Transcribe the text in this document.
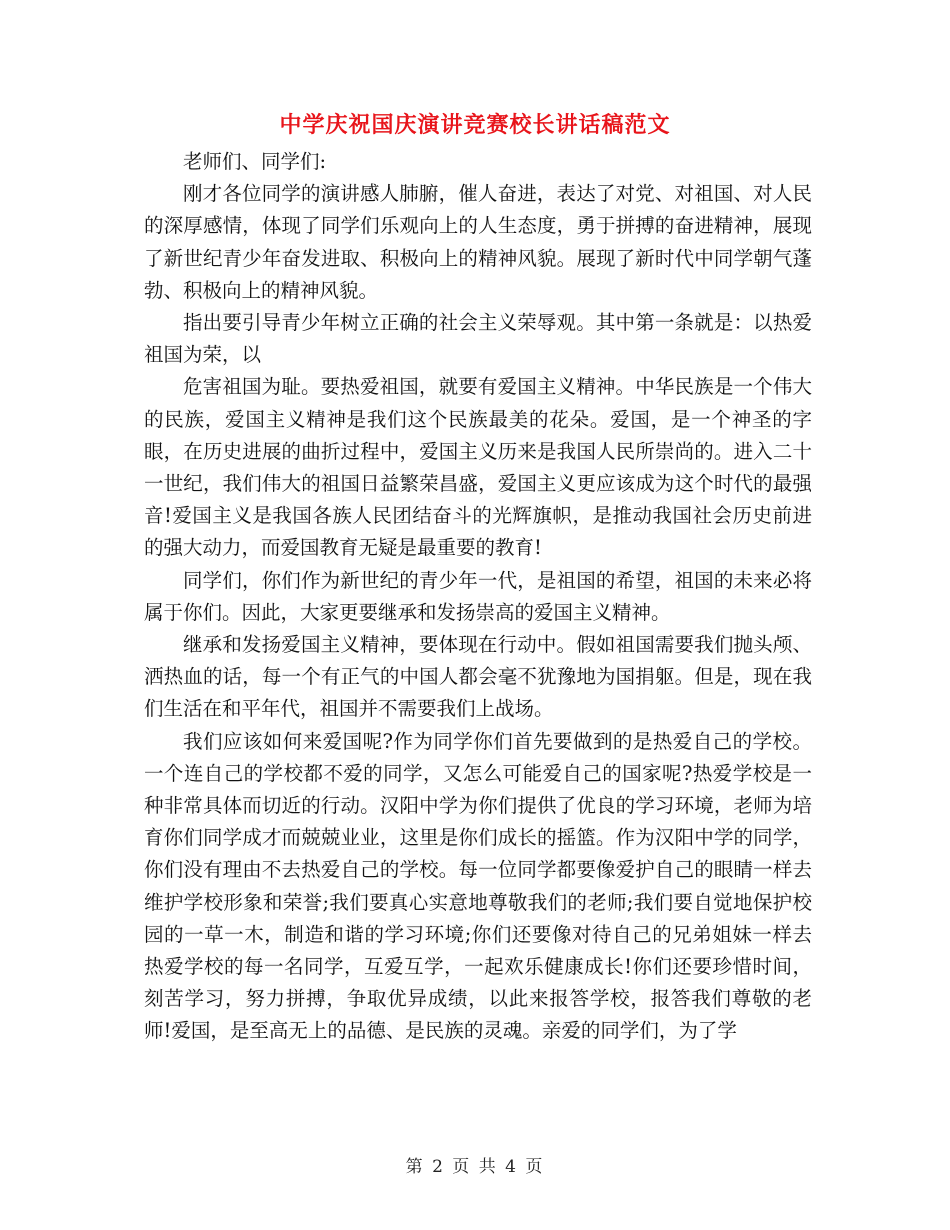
中学庆祝国庆演讲竞赛校长讲话稿范文

老师们、同学们:

刚才各位同学的演讲感人肺腑，催人奋进，表达了对党、对祖国、对人民的深厚感情，体现了同学们乐观向上的人生态度，勇于拼搏的奋进精神，展现了新世纪青少年奋发进取、积极向上的精神风貌。展现了新时代中同学朝气蓬勃、积极向上的精神风貌。

指出要引导青少年树立正确的社会主义荣辱观。其中第一条就是：以热爱祖国为荣，以

危害祖国为耻。要热爱祖国，就要有爱国主义精神。中华民族是一个伟大的民族，爱国主义精神是我们这个民族最美的花朵。爱国，是一个神圣的字眼，在历史进展的曲折过程中，爱国主义历来是我国人民所崇尚的。进入二十一世纪，我们伟大的祖国日益繁荣昌盛，爱国主义更应该成为这个时代的最强音!爱国主义是我国各族人民团结奋斗的光辉旗帜，是推动我国社会历史前进的强大动力，而爱国教育无疑是最重要的教育!

同学们，你们作为新世纪的青少年一代，是祖国的希望，祖国的未来必将属于你们。因此，大家更要继承和发扬崇高的爱国主义精神。

继承和发扬爱国主义精神，要体现在行动中。假如祖国需要我们抛头颅、洒热血的话，每一个有正气的中国人都会毫不犹豫地为国捐躯。但是，现在我们生活在和平年代，祖国并不需要我们上战场。

我们应该如何来爱国呢?作为同学你们首先要做到的是热爱自己的学校。一个连自己的学校都不爱的同学，又怎么可能爱自己的国家呢?热爱学校是一种非常具体而切近的行动。汉阳中学为你们提供了优良的学习环境，老师为培育你们同学成才而兢兢业业，这里是你们成长的摇篮。作为汉阳中学的同学，你们没有理由不去热爱自己的学校。每一位同学都要像爱护自己的眼睛一样去维护学校形象和荣誉;我们要真心实意地尊敬我们的老师;我们要自觉地保护校园的一草一木，制造和谐的学习环境;你们还要像对待自己的兄弟姐妹一样去热爱学校的每一名同学，互爱互学，一起欢乐健康成长!你们还要珍惜时间，刻苦学习，努力拼搏，争取优异成绩，以此来报答学校，报答我们尊敬的老师!爱国，是至高无上的品德、是民族的灵魂。亲爱的同学们，为了学

第 2 页 共 4 页
